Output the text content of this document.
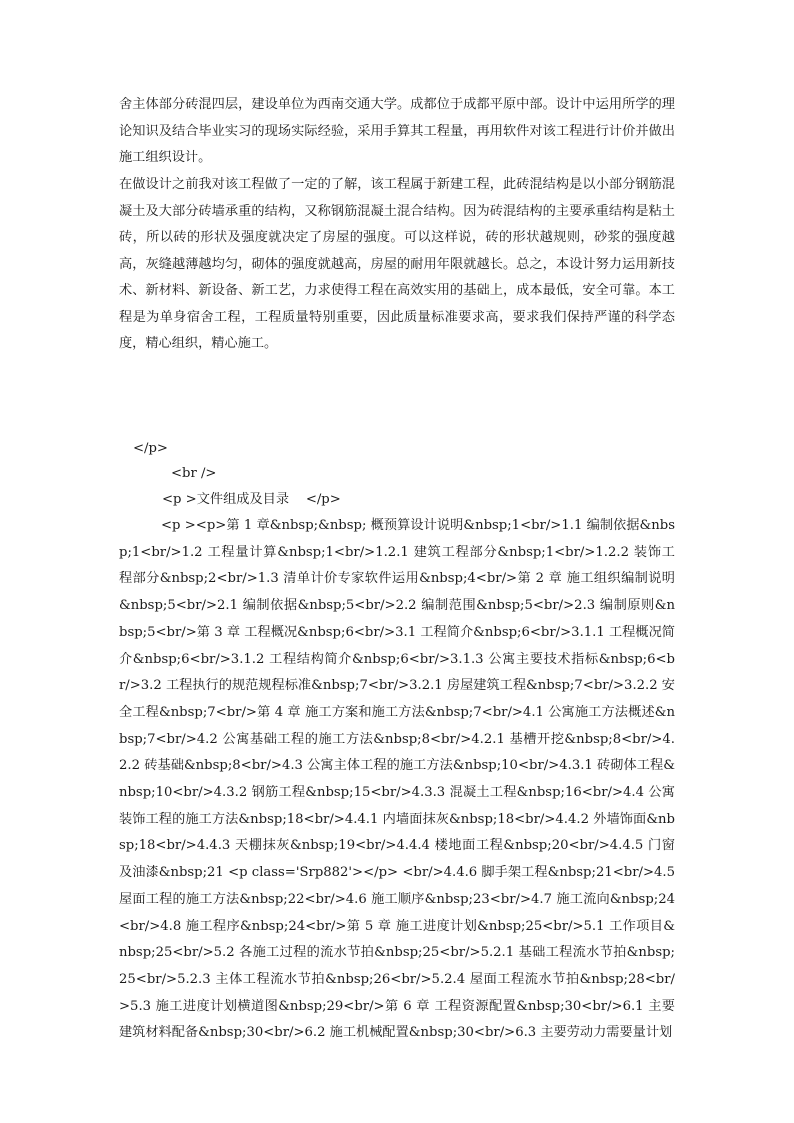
舍主体部分砖混四层，建设单位为西南交通大学。成都位于成都平原中部。设计中运用所学的理论知识及结合毕业实习的现场实际经验，采用手算其工程量，再用软件对该工程进行计价并做出施工组织设计。

在做设计之前我对该工程做了一定的了解，该工程属于新建工程，此砖混结构是以小部分钢筋混凝土及大部分砖墙承重的结构，又称钢筋混凝土混合结构。因为砖混结构的主要承重结构是粘土砖，所以砖的形状及强度就决定了房屋的强度。可以这样说，砖的形状越规则，砂浆的强度越高，灰缝越薄越均匀，砌体的强度就越高，房屋的耐用年限就越长。总之，本设计努力运用新技术、新材料、新设备、新工艺，力求使得工程在高效实用的基础上，成本最低，安全可靠。本工程是为单身宿舍工程，工程质量特别重要，因此质量标准要求高，要求我们保持严谨的科学态度，精心组织，精心施工。

</p>
<br />
<p >文件组成及目录    </p>

<p ><p>第 1 章&nbsp;&nbsp; 概预算设计说明&nbsp;1<br/>1.1 编制依据&nbsp;1<br/>1.2 工程量计算&nbsp;1<br/>1.2.1 建筑工程部分&nbsp;1<br/>1.2.2 装饰工程部分&nbsp;2<br/>1.3 清单计价专家软件运用&nbsp;4<br/>第 2 章 施工组织编制说明&nbsp;5<br/>2.1 编制依据&nbsp;5<br/>2.2 编制范围&nbsp;5<br/>2.3 编制原则&nbsp;5<br/>第 3 章 工程概况&nbsp;6<br/>3.1 工程简介&nbsp;6<br/>3.1.1 工程概况简介&nbsp;6<br/>3.1.2 工程结构简介&nbsp;6<br/>3.1.3 公寓主要技术指标&nbsp;6<br/>3.2 工程执行的规范规程标准&nbsp;7<br/>3.2.1 房屋建筑工程&nbsp;7<br/>3.2.2 安全工程&nbsp;7<br/>第 4 章 施工方案和施工方法&nbsp;7<br/>4.1 公寓施工方法概述&nbsp;7<br/>4.2 公寓基础工程的施工方法&nbsp;8<br/>4.2.1 基槽开挖&nbsp;8<br/>4.2.2 砖基础&nbsp;8<br/>4.3 公寓主体工程的施工方法&nbsp;10<br/>4.3.1 砖砌体工程&nbsp;10<br/>4.3.2 钢筋工程&nbsp;15<br/>4.3.3 混凝土工程&nbsp;16<br/>4.4 公寓装饰工程的施工方法&nbsp;18<br/>4.4.1 内墙面抹灰&nbsp;18<br/>4.4.2 外墙饰面&nbsp;18<br/>4.4.3 天棚抹灰&nbsp;19<br/>4.4.4 楼地面工程&nbsp;20<br/>4.4.5 门窗及油漆&nbsp;21 <p class='Srp882'></p> <br/>4.4.6 脚手架工程&nbsp;21<br/>4.5 屋面工程的施工方法&nbsp;22<br/>4.6 施工顺序&nbsp;23<br/>4.7 施工流向&nbsp;24<br/>4.8 施工程序&nbsp;24<br/>第 5 章 施工进度计划&nbsp;25<br/>5.1 工作项目&nbsp;25<br/>5.2 各施工过程的流水节拍&nbsp;25<br/>5.2.1 基础工程流水节拍&nbsp;25<br/>5.2.3 主体工程流水节拍&nbsp;26<br/>5.2.4 屋面工程流水节拍&nbsp;28<br/>5.3 施工进度计划横道图&nbsp;29<br/>第 6 章 工程资源配置&nbsp;30<br/>6.1 主要建筑材料配备&nbsp;30<br/>6.2 施工机械配置&nbsp;30<br/>6.3 主要劳动力需要量计划
